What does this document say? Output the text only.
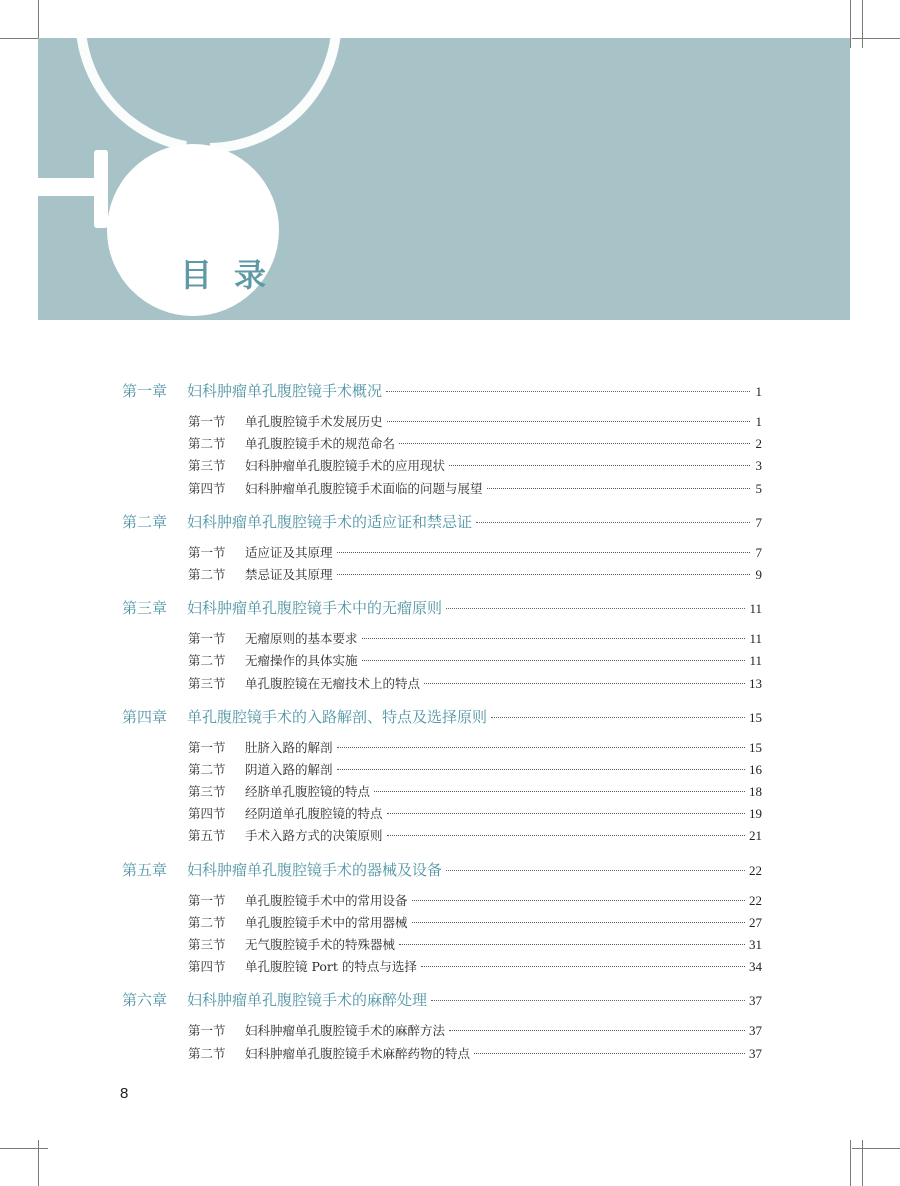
目录
第一章	妇科肿瘤单孔腹腔镜手术概况	1
第一节	单孔腹腔镜手术发展历史	1
第二节	单孔腹腔镜手术的规范命名	2
第三节	妇科肿瘤单孔腹腔镜手术的应用现状	3
第四节	妇科肿瘤单孔腹腔镜手术面临的问题与展望	5
第二章	妇科肿瘤单孔腹腔镜手术的适应证和禁忌证	7
第一节	适应证及其原理	7
第二节	禁忌证及其原理	9
第三章	妇科肿瘤单孔腹腔镜手术中的无瘤原则	11
第一节	无瘤原则的基本要求	11
第二节	无瘤操作的具体实施	11
第三节	单孔腹腔镜在无瘤技术上的特点	13
第四章	单孔腹腔镜手术的入路解剖、特点及选择原则	15
第一节	肚脐入路的解剖	15
第二节	阴道入路的解剖	16
第三节	经脐单孔腹腔镜的特点	18
第四节	经阴道单孔腹腔镜的特点	19
第五节	手术入路方式的决策原则	21
第五章	妇科肿瘤单孔腹腔镜手术的器械及设备	22
第一节	单孔腹腔镜手术中的常用设备	22
第二节	单孔腹腔镜手术中的常用器械	27
第三节	无气腹腔镜手术的特殊器械	31
第四节	单孔腹腔镜 Port 的特点与选择	34
第六章	妇科肿瘤单孔腹腔镜手术的麻醉处理	37
第一节	妇科肿瘤单孔腹腔镜手术的麻醉方法	37
第二节	妇科肿瘤单孔腹腔镜手术麻醉药物的特点	37
8
